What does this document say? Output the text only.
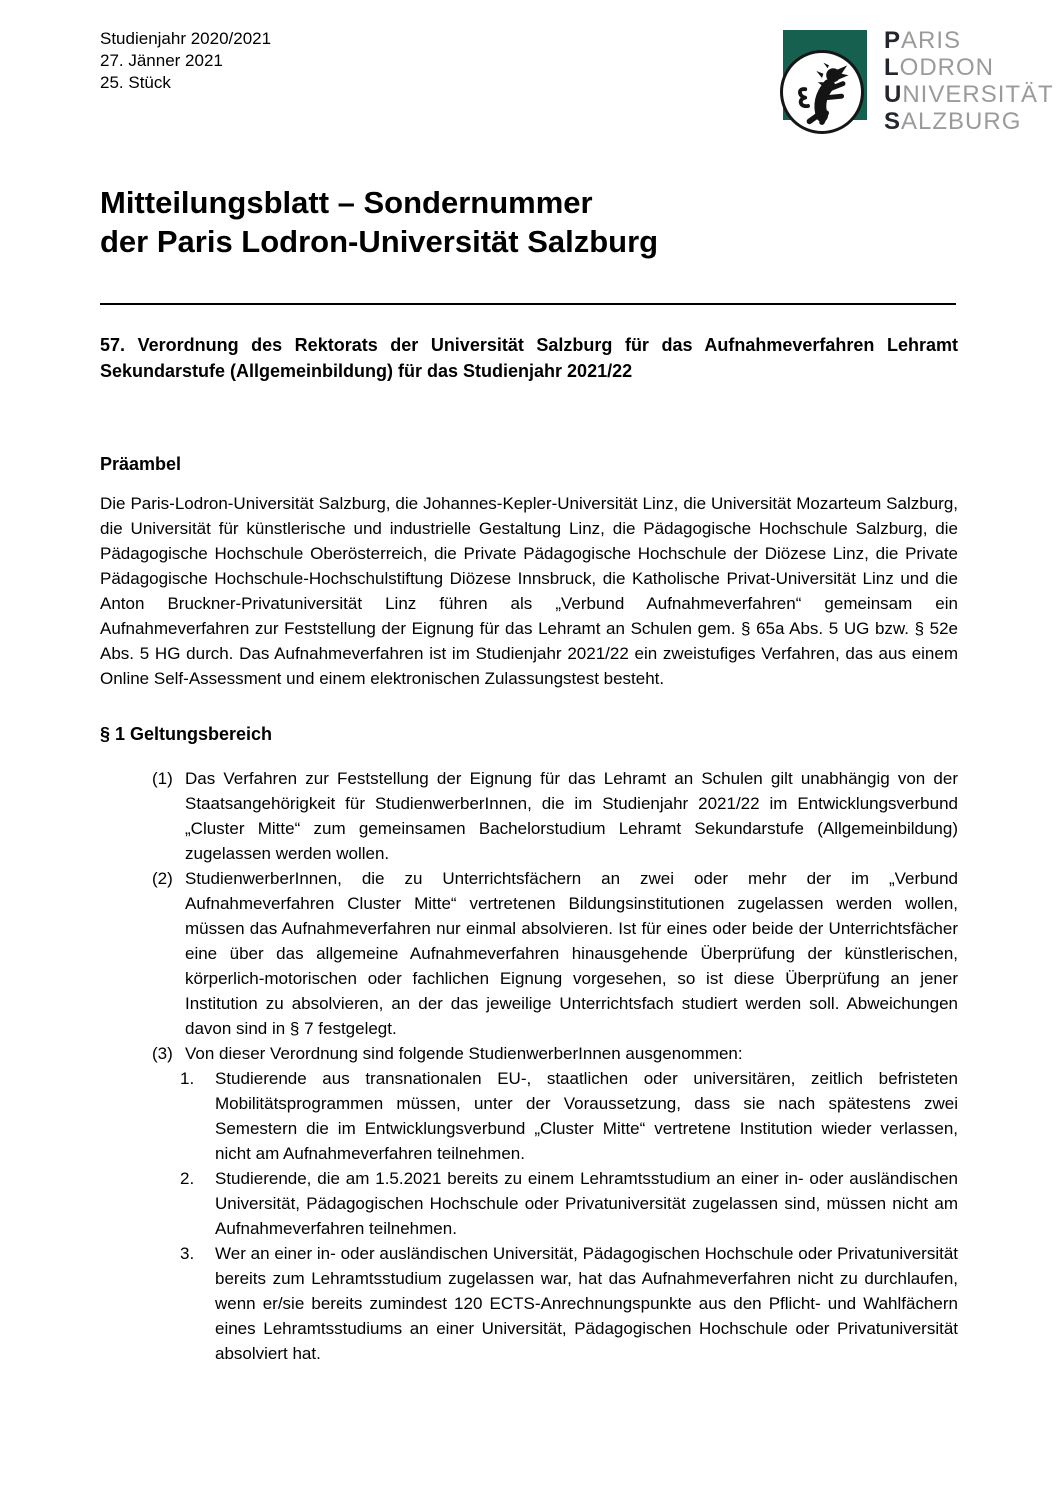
Studienjahr 2020/2021
27. Jänner 2021
25. Stück
PARIS
LODRON
UNIVERSITÄT
SALZBURG
Mitteilungsblatt – Sondernummer
der Paris Lodron-Universität Salzburg
57. Verordnung des Rektorats der Universität Salzburg für das Aufnahmeverfahren Lehramt Sekundarstufe (Allgemeinbildung) für das Studienjahr 2021/22
Präambel
Die Paris-Lodron-Universität Salzburg, die Johannes-Kepler-Universität Linz, die Universität Mozarteum Salzburg, die Universität für künstlerische und industrielle Gestaltung Linz, die Pädagogische Hochschule Salzburg, die Pädagogische Hochschule Oberösterreich, die Private Pädagogische Hochschule der Diözese Linz, die Private Pädagogische Hochschule-Hochschulstiftung Diözese Innsbruck, die Katholische Privat-Universität Linz und die Anton Bruckner-Privatuniversität Linz führen als „Verbund Aufnahmeverfahren“ gemeinsam ein Aufnahmeverfahren zur Feststellung der Eignung für das Lehramt an Schulen gem. § 65a Abs. 5 UG bzw. § 52e Abs. 5 HG durch. Das Aufnahmeverfahren ist im Studienjahr 2021/22 ein zweistufiges Verfahren, das aus einem Online Self-Assessment und einem elektronischen Zulassungstest besteht.
§ 1 Geltungsbereich
(1) Das Verfahren zur Feststellung der Eignung für das Lehramt an Schulen gilt unabhängig von der Staatsangehörigkeit für StudienwerberInnen, die im Studienjahr 2021/22 im Entwicklungsverbund „Cluster Mitte“ zum gemeinsamen Bachelorstudium Lehramt Sekundarstufe (Allgemeinbildung) zugelassen werden wollen.
(2) StudienwerberInnen, die zu Unterrichtsfächern an zwei oder mehr der im „Verbund Aufnahmeverfahren Cluster Mitte“ vertretenen Bildungsinstitutionen zugelassen werden wollen, müssen das Aufnahmeverfahren nur einmal absolvieren. Ist für eines oder beide der Unterrichtsfächer eine über das allgemeine Aufnahmeverfahren hinausgehende Überprüfung der künstlerischen, körperlich-motorischen oder fachlichen Eignung vorgesehen, so ist diese Überprüfung an jener Institution zu absolvieren, an der das jeweilige Unterrichtsfach studiert werden soll. Abweichungen davon sind in § 7 festgelegt.
(3) Von dieser Verordnung sind folgende StudienwerberInnen ausgenommen:
1. Studierende aus transnationalen EU-, staatlichen oder universitären, zeitlich befristeten Mobilitätsprogrammen müssen, unter der Voraussetzung, dass sie nach spätestens zwei Semestern die im Entwicklungsverbund „Cluster Mitte“ vertretene Institution wieder verlassen, nicht am Aufnahmeverfahren teilnehmen.
2. Studierende, die am 1.5.2021 bereits zu einem Lehramtsstudium an einer in- oder ausländischen Universität, Pädagogischen Hochschule oder Privatuniversität zugelassen sind, müssen nicht am Aufnahmeverfahren teilnehmen.
3. Wer an einer in- oder ausländischen Universität, Pädagogischen Hochschule oder Privatuniversität bereits zum Lehramtsstudium zugelassen war, hat das Aufnahmeverfahren nicht zu durchlaufen, wenn er/sie bereits zumindest 120 ECTS-Anrechnungspunkte aus den Pflicht- und Wahlfächern eines Lehramtsstudiums an einer Universität, Pädagogischen Hochschule oder Privatuniversität absolviert hat.
